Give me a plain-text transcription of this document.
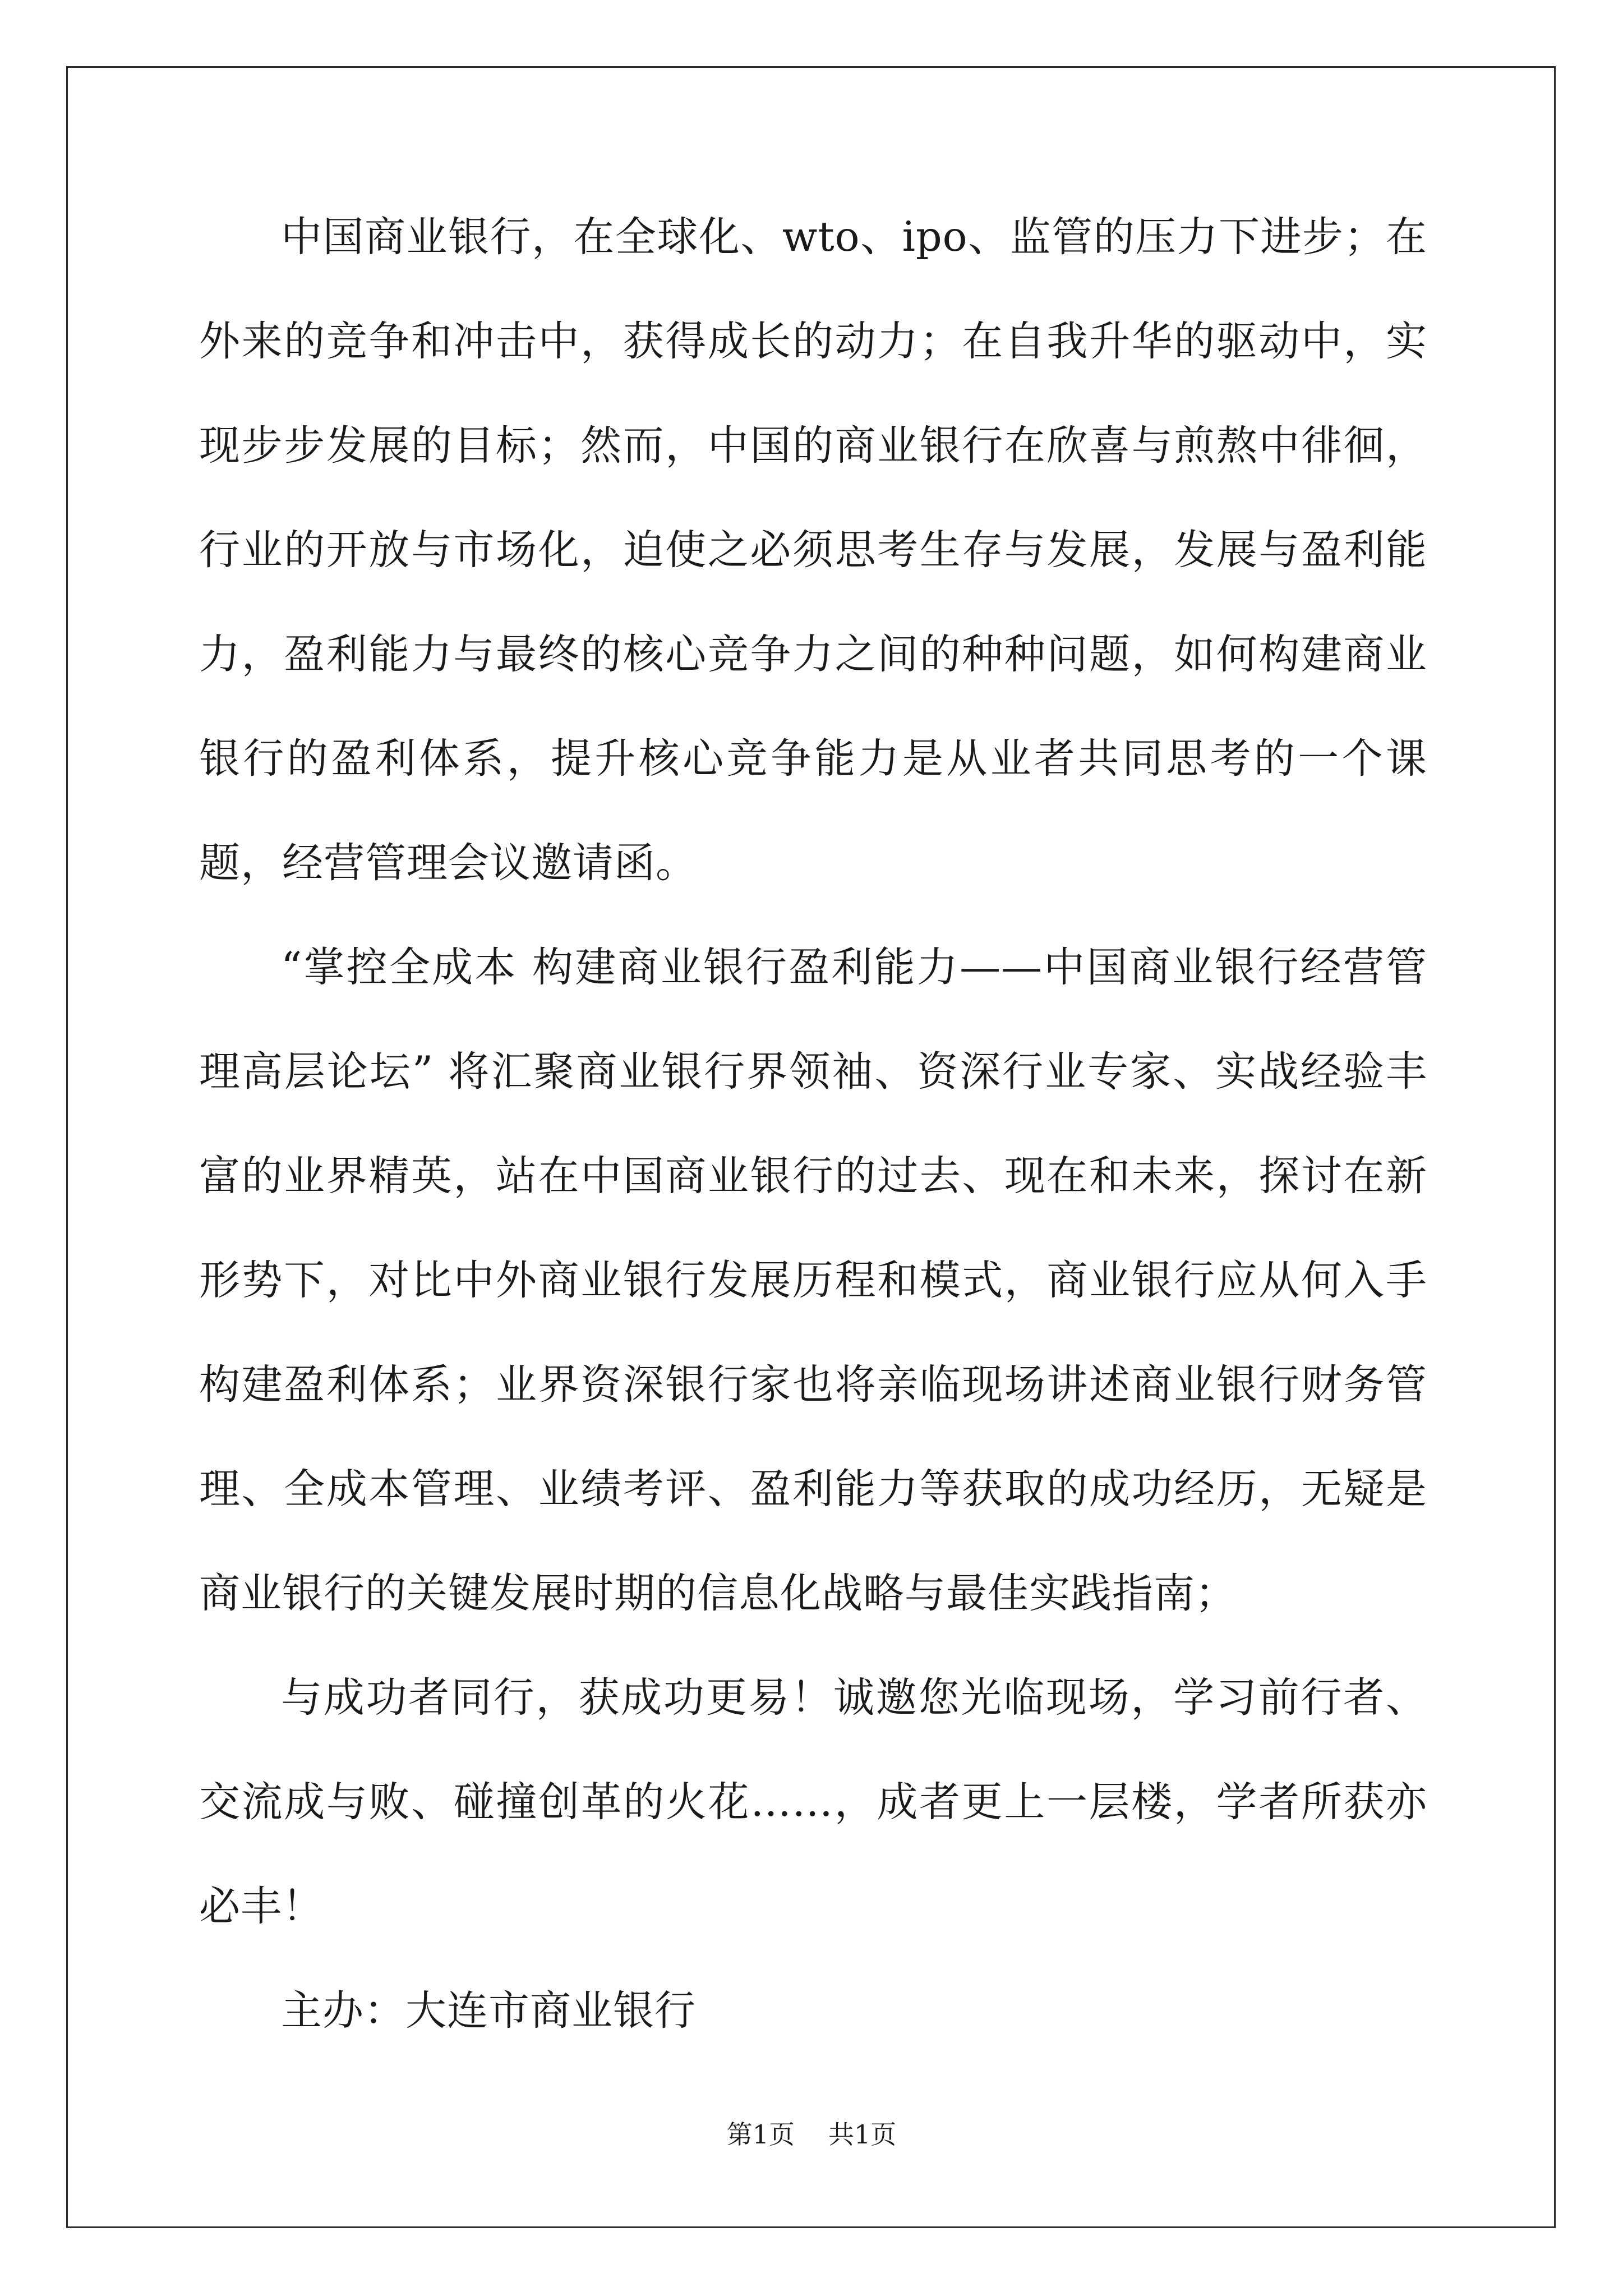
中国商业银行，在全球化、wto、ipo、监管的压力下进步；在外来的竞争和冲击中，获得成长的动力；在自我升华的驱动中，实现步步发展的目标；然而，中国的商业银行在欣喜与煎熬中徘徊，行业的开放与市场化，迫使之必须思考生存与发展，发展与盈利能力，盈利能力与最终的核心竞争力之间的种种问题，如何构建商业银行的盈利体系，提升核心竞争能力是从业者共同思考的一个课题，经营管理会议邀请函。

“掌控全成本 构建商业银行盈利能力——中国商业银行经营管理高层论坛” 将汇聚商业银行界领袖、资深行业专家、实战经验丰富的业界精英，站在中国商业银行的过去、现在和未来，探讨在新形势下，对比中外商业银行发展历程和模式，商业银行应从何入手构建盈利体系；业界资深银行家也将亲临现场讲述商业银行财务管理、全成本管理、业绩考评、盈利能力等获取的成功经历，无疑是商业银行的关键发展时期的信息化战略与最佳实践指南；

与成功者同行，获成功更易！诚邀您光临现场，学习前行者、交流成与败、碰撞创革的火花……，成者更上一层楼，学者所获亦必丰！

主办：大连市商业银行

第1页 共1页
